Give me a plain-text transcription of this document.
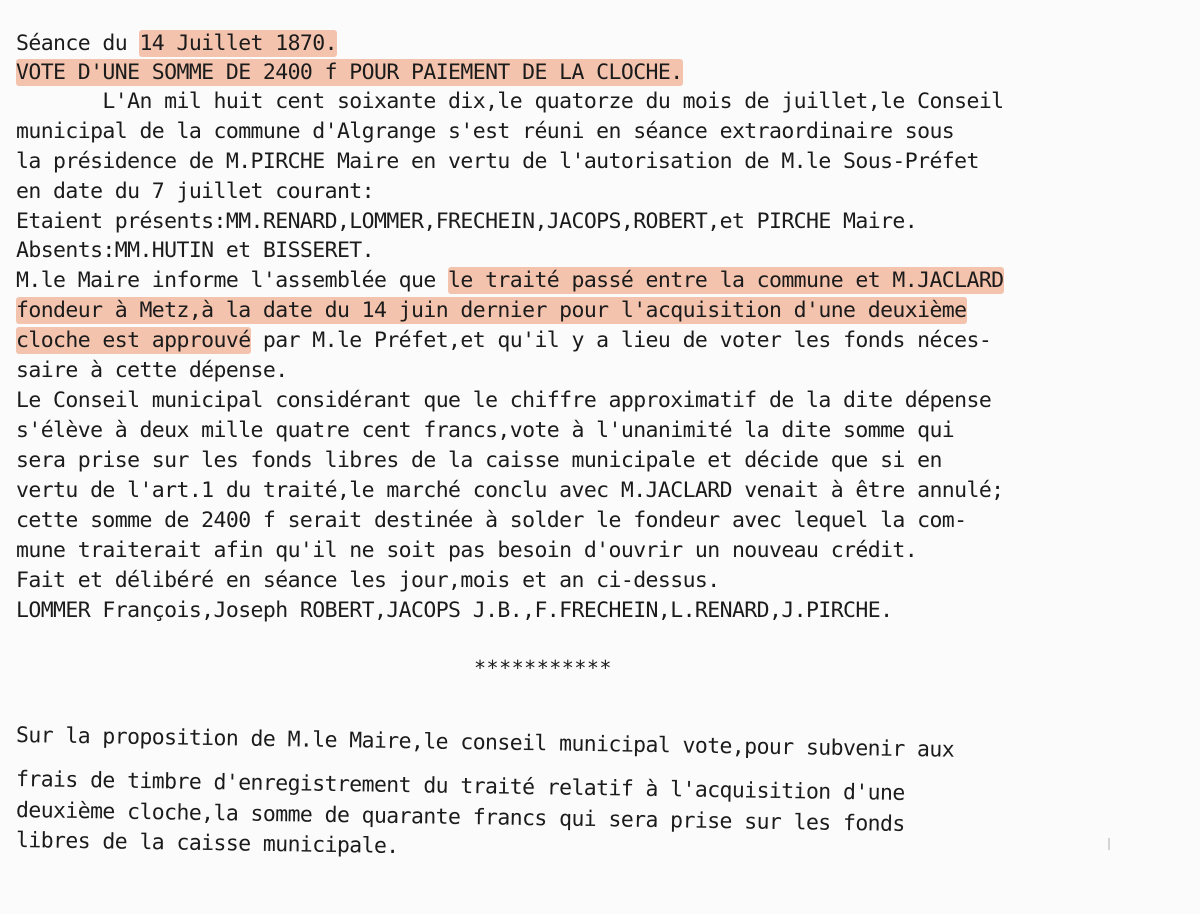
Séance du 14 Juillet 1870.
VOTE D'UNE SOMME DE 2400 f POUR PAIEMENT DE LA CLOCHE.
L'An mil huit cent soixante dix,le quatorze du mois de juillet,le Conseil
municipal de la commune d'Algrange s'est réuni en séance extraordinaire sous
la présidence de M.PIRCHE Maire en vertu de l'autorisation de M.le Sous-Préfet
en date du 7 juillet courant:
Etaient présents:MM.RENARD,LOMMER,FRECHEIN,JACOPS,ROBERT,et PIRCHE Maire.
Absents:MM.HUTIN et BISSERET.
M.le Maire informe l'assemblée que le traité passé entre la commune et M.JACLARD
fondeur à Metz,à la date du 14 juin dernier pour l'acquisition d'une deuxième
cloche est approuvé par M.le Préfet,et qu'il y a lieu de voter les fonds néces-
saire à cette dépense.
Le Conseil municipal considérant que le chiffre approximatif de la dite dépense
s'élève à deux mille quatre cent francs,vote à l'unanimité la dite somme qui
sera prise sur les fonds libres de la caisse municipale et décide que si en
vertu de l'art.1 du traité,le marché conclu avec M.JACLARD venait à être annulé;
cette somme de 2400 f serait destinée à solder le fondeur avec lequel la com-
mune traiterait afin qu'il ne soit pas besoin d'ouvrir un nouveau crédit.
Fait et délibéré en séance les jour,mois et an ci-dessus.
LOMMER François,Joseph ROBERT,JACOPS J.B.,F.FRECHEIN,L.RENARD,J.PIRCHE.
***********
Sur la proposition de M.le Maire,le conseil municipal vote,pour subvenir aux
frais de timbre d'enregistrement du traité relatif à l'acquisition d'une
deuxième cloche,la somme de quarante francs qui sera prise sur les fonds
libres de la caisse municipale.
